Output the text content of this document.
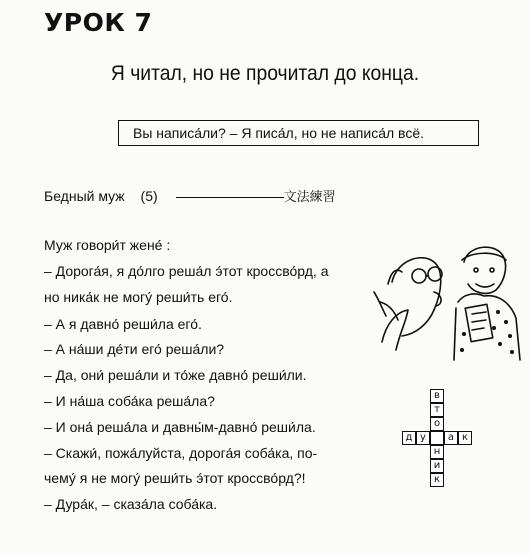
УРОК 7
Я читал, но не прочитал до конца.
Вы написа́ли? – Я писа́л, но не написа́л всё.
Бедный муж (5)	文法練習
Муж говори́т жене́ :
– Дорога́я, я до́лго реша́л э́тот кроссво́рд, а
но ника́к не могу́ реши́ть его́.
– А я давно́ реши́ла его́.
– А на́ши де́ти его́ реша́ли?
– Да, они́ реша́ли и то́же давно́ реши́ли.
– И на́ша соба́ка реша́ла?
– И она́ реша́ла и давны́м-давно́ реши́ла.
– Скажи́, пожа́луйста, дорога́я соба́ка, по-
чему́ я не могу́ реши́ть э́тот кроссво́рд?!
– Дура́к, – сказа́ла соба́ка.
в
т
о
н
и
к
д у	а к
